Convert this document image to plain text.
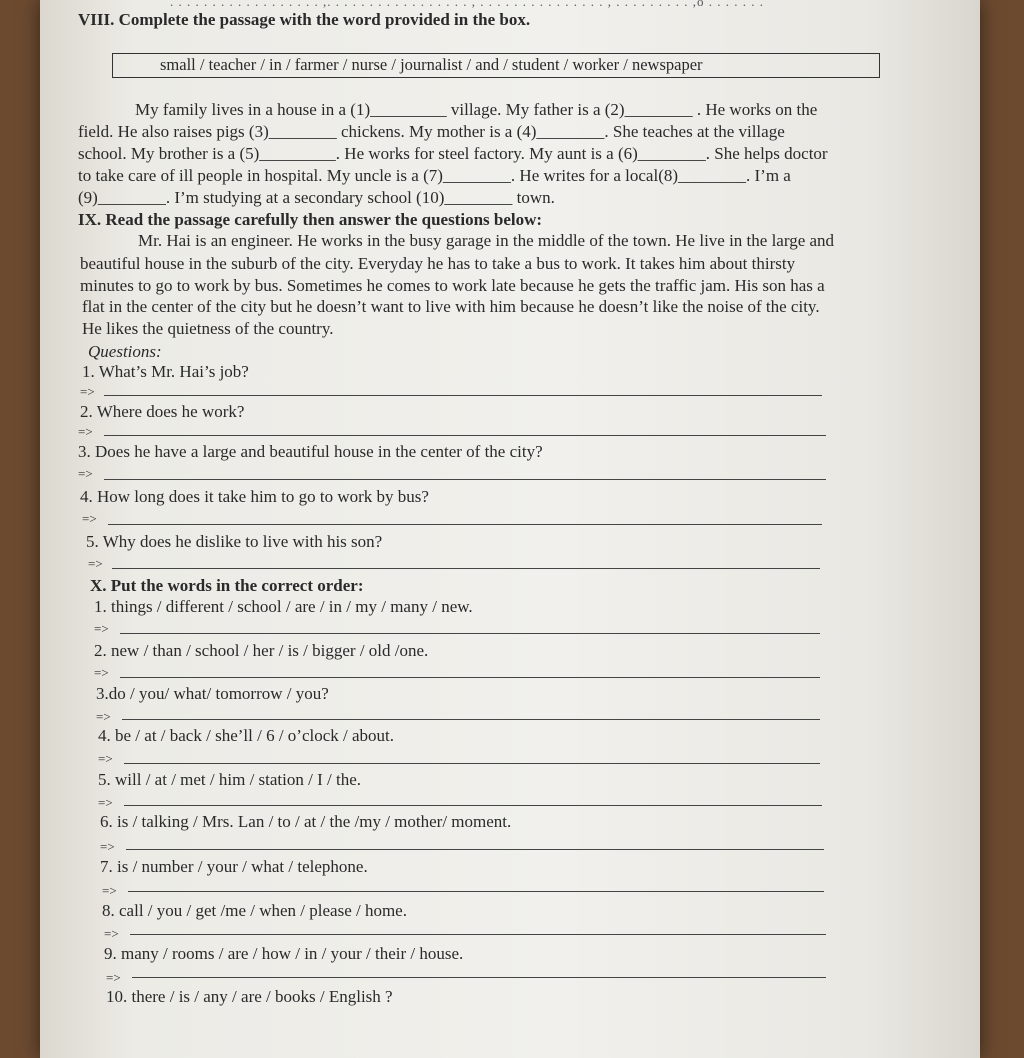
. . . . . . . . . . . . . . . . . . ,. . . . . . . . . . . . . . . . . , . . . . . . . . . . . . . . . , . . . . . . . . . ,o . . . . . . .
VIII. Complete the passage with the word provided in the box.
small / teacher / in / farmer / nurse / journalist / and / student / worker / newspaper
My family lives in a house in a (1)_________ village. My father is a (2)________ . He works on the
field. He also raises pigs (3)________ chickens. My mother is a (4)________. She teaches at the village
school. My brother is a (5)_________. He works for steel factory. My aunt is a (6)________. She helps doctor
to take care of ill people in hospital. My uncle is a (7)________. He writes for a local(8)________. I’m a
(9)________. I’m studying at a secondary school (10)________ town.
IX. Read the passage carefully then answer the questions below:
Mr. Hai is an engineer. He works in the busy garage in the middle of the town. He live in the large and
beautiful house in the suburb of the city. Everyday he has to take a bus to work. It takes him about thirsty
minutes to go to work by bus. Sometimes he comes to work late because he gets the traffic jam. His son has a
flat in the center of the city but he doesn’t want to live with him because he doesn’t like the noise of the city.
He likes the quietness of the country.
Questions:
1. What’s Mr. Hai’s job?
=>
2. Where does he work?
=>
3. Does he have a large and beautiful house in the center of the city?
=>
4. How long does it take him to go to work by bus?
=>
5. Why does he dislike to live with his son?
=>
X. Put the words in the correct order:
1. things / different / school / are / in / my / many / new.
=>
2. new / than / school / her / is / bigger / old /one.
=>
3.do / you/ what/ tomorrow / you?
=>
4. be / at / back / she’ll / 6 / o’clock / about.
=>
5. will / at / met / him / station / I / the.
=>
6. is / talking / Mrs. Lan / to / at / the /my / mother/ moment.
=>
7. is / number / your / what / telephone.
=>
8. call / you / get /me / when / please / home.
=>
9. many / rooms / are / how / in / your / their / house.
=>
10. there / is / any / are / books / English ?
